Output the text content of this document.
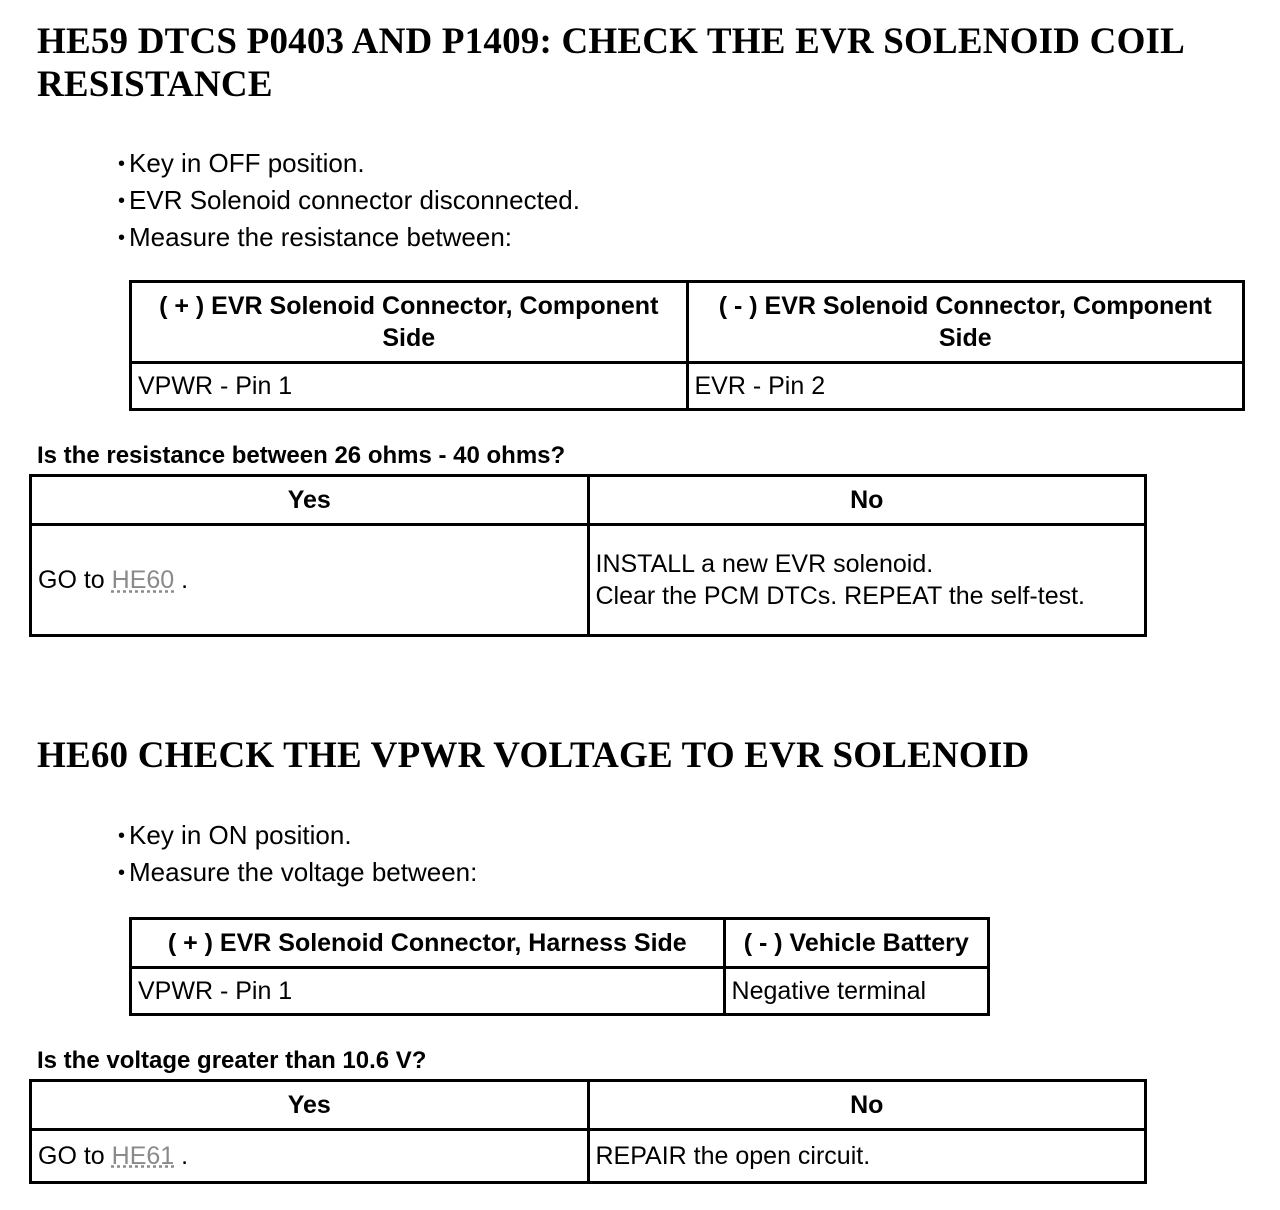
HE59 DTCS P0403 AND P1409: CHECK THE EVR SOLENOID COIL RESISTANCE
• Key in OFF position.
• EVR Solenoid connector disconnected.
• Measure the resistance between:
( + ) EVR Solenoid Connector, Component Side	( - ) EVR Solenoid Connector, Component Side
VPWR - Pin 1	EVR - Pin 2

Is the resistance between 26 ohms - 40 ohms?

Yes	No
GO to HE60 .	INSTALL a new EVR solenoid.
Clear the PCM DTCs. REPEAT the self-test.
HE60 CHECK THE VPWR VOLTAGE TO EVR SOLENOID
• Key in ON position.
• Measure the voltage between:
( + ) EVR Solenoid Connector, Harness Side	( - ) Vehicle Battery
VPWR - Pin 1	Negative terminal

Is the voltage greater than 10.6 V?

Yes	No
GO to HE61 .	REPAIR the open circuit.
